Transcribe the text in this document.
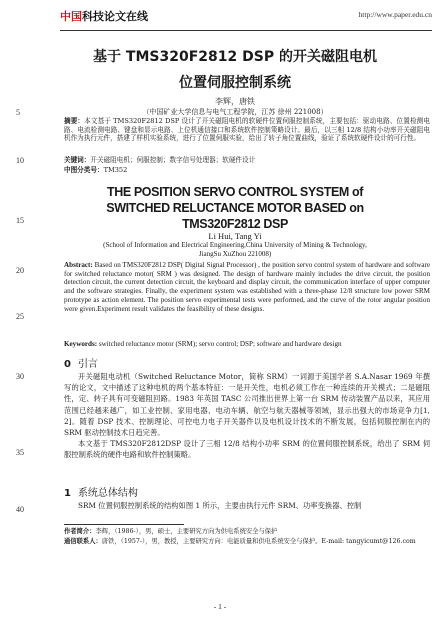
中国科技论文在线	http://www.paper.edu.cn
基于 TMS320F2812 DSP 的开关磁阻电机
位置伺服控制系统
李辉，唐铁
（中国矿业大学信息与电气工程学院，江苏 徐州 221008）
摘要：本文基于 TMS320F2812 DSP 设计了开关磁阻电机的软硬件位置伺服控制系统，主要包括：驱动电路、位置检测电路、电流检测电路、键盘和显示电路、上位机通信接口和系统软件控制策略设计。最后，以三相 12/8 结构小功率开关磁阻电机作为执行元件，搭建了样机实验系统，进行了位置伺服实验，给出了转子角位置曲线，验证了系统软硬件设计的可行性。
关键词：开关磁阻电机；伺服控制；数字信号处理器；软硬件设计
中图分类号：TM352
THE POSITION SERVO CONTROL SYSTEM of
SWITCHED RELUCTANCE MOTOR BASED on
TMS320F2812 DSP
Li Hui, Tang Yi
(School of Information and Electrical Engineering,China University of Mining & Technology,
JiangSu XuZhou 221008)
Abstract: Based on TMS320F2812 DSP( Digital Signal Processor) , the position servo control system of hardware and software for switched reluctance motor( SRM ) was designed. The design of hardware mainly includes the drive circuit, the position detection circuit, the current detection circuit, the keyboard and display circuit, the communication interface of upper computer and the software strategies. Finally, the experiment system was established with a three-phase 12/8 structure low power SRM prototype as action element. The position servo experimental tests were performed, and the curve of the rotor angular position were given.Experiment result validates the feasibility of these designs.
Keywords: switched reluctance motor (SRM); servo control; DSP; software and hardware design
0 引言
开关磁阻电动机（Switched Reluctance Motor，简称 SRM）一词源于美国学者 S.A.Nasar 1969 年撰写的论文，文中描述了这种电机的两个基本特征：一是开关性，电机必须工作在一种连续的开关模式；二是磁阻性，定、转子具有可变磁阻回路。1983 年英国 TASC 公司推出世界上第一台 SRM 传动装置产品以来，其应用范围已经越来越广，如工业控制、家用电器、电动车辆、航空与航天器械等领域，显示出强大的市场竞争力[1, 2]。随着 DSP 技术、控制理论、可控电力电子开关器件以及电机设计技术的不断发展，包括伺服控制在内的 SRM 驱动控制技术日趋完善。
本文基于 TMS320F2812DSP 设计了三相 12/8 结构小功率 SRM 的位置伺服控制系统，给出了 SRM 伺服控制系统的硬件电路和软件控制策略。
1 系统总体结构
SRM 位置伺服控制系统的结构如图 1 所示，主要由执行元件 SRM、功率变换器、控制
5
10
15
20
25
30
35
40
作者简介：李辉，（1986-），男，硕士，主要研究方向为供电系统安全与保护
通信联系人：唐铁，（1957-），男，教授，主要研究方向：电能质量和供电系统安全与保护。E-mail: tangyicumt@126.com
- 1 -
